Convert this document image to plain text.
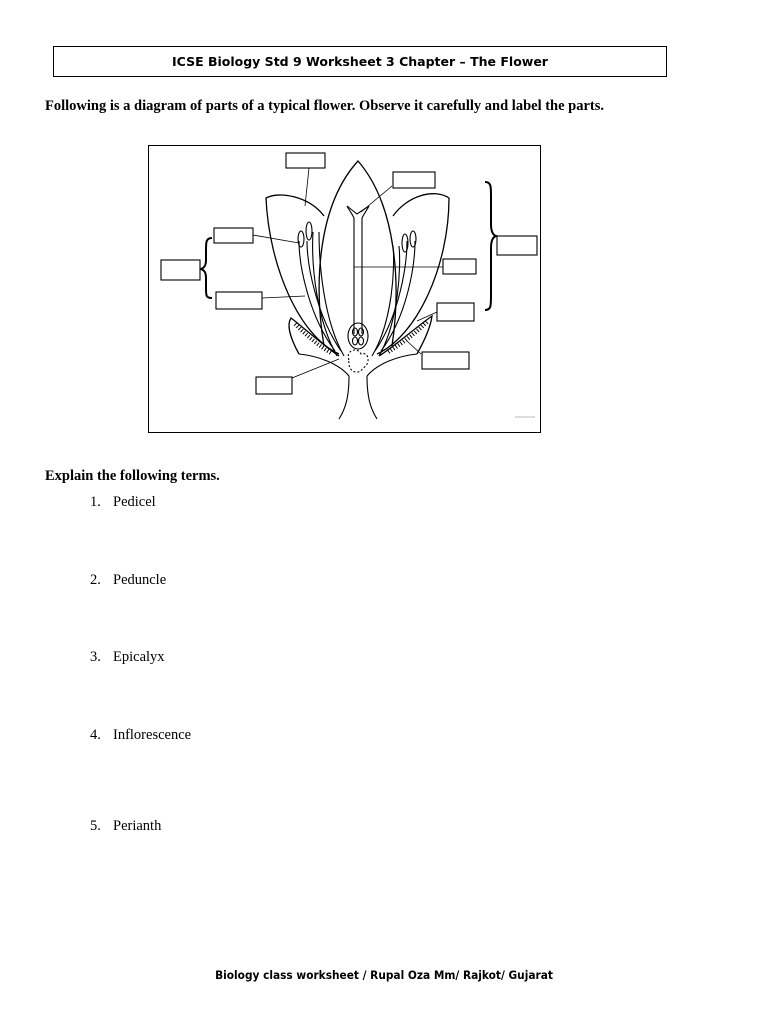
ICSE Biology Std 9 Worksheet 3 Chapter – The Flower
Following is a diagram of parts of a typical flower. Observe it carefully and label the parts.
Explain the following terms.
1. Pedicel
2. Peduncle
3. Epicalyx
4. Inflorescence
5. Perianth
Biology class worksheet / Rupal Oza Mm/ Rajkot/ Gujarat
